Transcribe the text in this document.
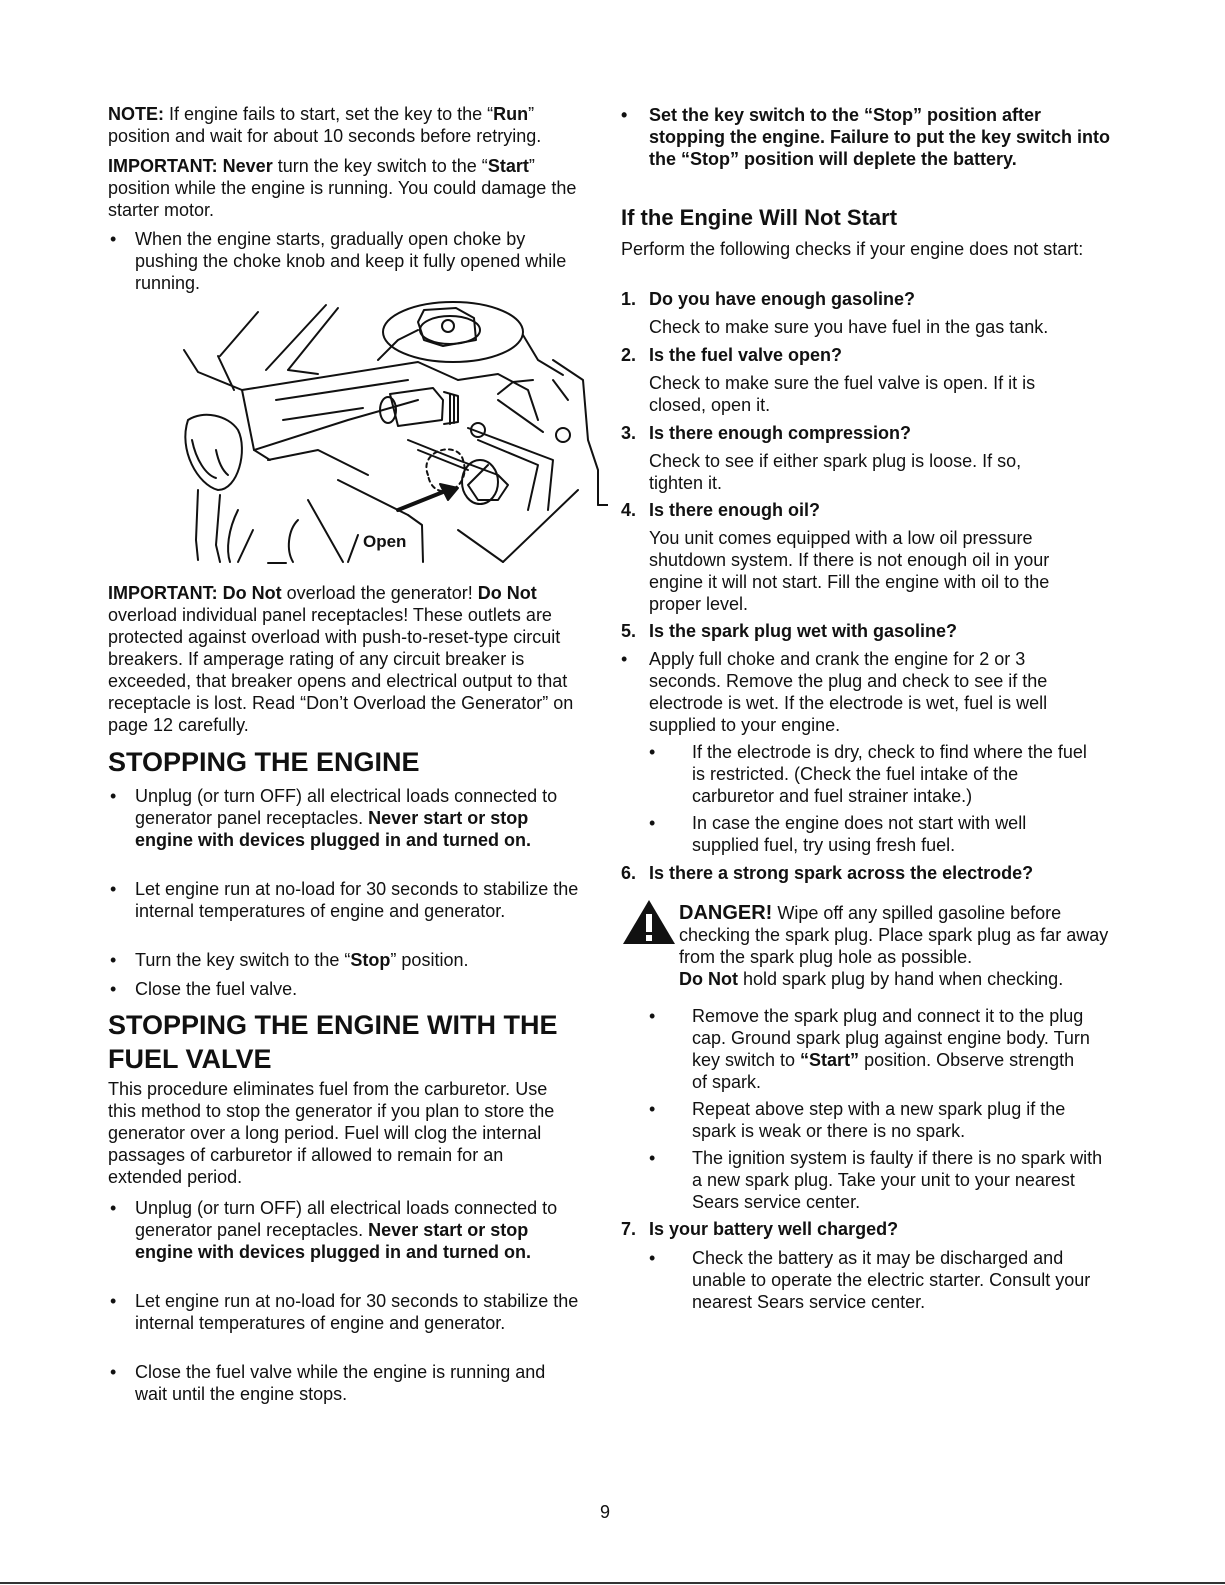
NOTE: If engine fails to start, set the key to the “Run” position and wait for about 10 seconds before retrying.

IMPORTANT: Never turn the key switch to the “Start” position while the engine is running. You could damage the starter motor.

• When the engine starts, gradually open choke by pushing the choke knob and keep it fully opened while running.

Open

IMPORTANT: Do Not overload the generator! Do Not overload individual panel receptacles! These outlets are protected against overload with push-to-reset-type circuit breakers. If amperage rating of any circuit breaker is exceeded, that breaker opens and electrical output to that receptacle is lost. Read “Don’t Overload the Generator” on page 12 carefully.

STOPPING THE ENGINE
• Unplug (or turn OFF) all electrical loads connected to generator panel receptacles. Never start or stop engine with devices plugged in and turned on.

• Let engine run at no-load for 30 seconds to stabilize the internal temperatures of engine and generator.

• Turn the key switch to the “Stop” position.

• Close the fuel valve.

STOPPING THE ENGINE WITH THE FUEL VALVE

This procedure eliminates fuel from the carburetor. Use this method to stop the generator if you plan to store the generator over a long period. Fuel will clog the internal passages of carburetor if allowed to remain for an extended period.

• Unplug (or turn OFF) all electrical loads connected to generator panel receptacles. Never start or stop engine with devices plugged in and turned on.

• Let engine run at no-load for 30 seconds to stabilize the internal temperatures of engine and generator.

• Close the fuel valve while the engine is running and wait until the engine stops.

• Set the key switch to the “Stop” position after stopping the engine. Failure to put the key switch into the “Stop” position will deplete the battery.

If the Engine Will Not Start

Perform the following checks if your engine does not start:

1. Do you have enough gasoline?

Check to make sure you have fuel in the gas tank.

2. Is the fuel valve open?

Check to make sure the fuel valve is open. If it is closed, open it.

3. Is there enough compression?

Check to see if either spark plug is loose. If so, tighten it.

4. Is there enough oil?

You unit comes equipped with a low oil pressure shutdown system. If there is not enough oil in your engine it will not start. Fill the engine with oil to the proper level.

5. Is the spark plug wet with gasoline?

• Apply full choke and crank the engine for 2 or 3 seconds. Remove the plug and check to see if the electrode is wet. If the electrode is wet, fuel is well supplied to your engine.

• If the electrode is dry, check to find where the fuel is restricted. (Check the fuel intake of the carburetor and fuel strainer intake.)

• In case the engine does not start with well supplied fuel, try using fresh fuel.

6. Is there a strong spark across the electrode?

DANGER! Wipe off any spilled gasoline before checking the spark plug. Place spark plug as far away from the spark plug hole as possible.
Do Not hold spark plug by hand when checking.

• Remove the spark plug and connect it to the plug cap. Ground spark plug against engine body. Turn key switch to “Start” position. Observe strength of spark.

• Repeat above step with a new spark plug if the spark is weak or there is no spark.

• The ignition system is faulty if there is no spark with a new spark plug. Take your unit to your nearest Sears service center.

7. Is your battery well charged?

• Check the battery as it may be discharged and unable to operate the electric starter. Consult your nearest Sears service center.

9
